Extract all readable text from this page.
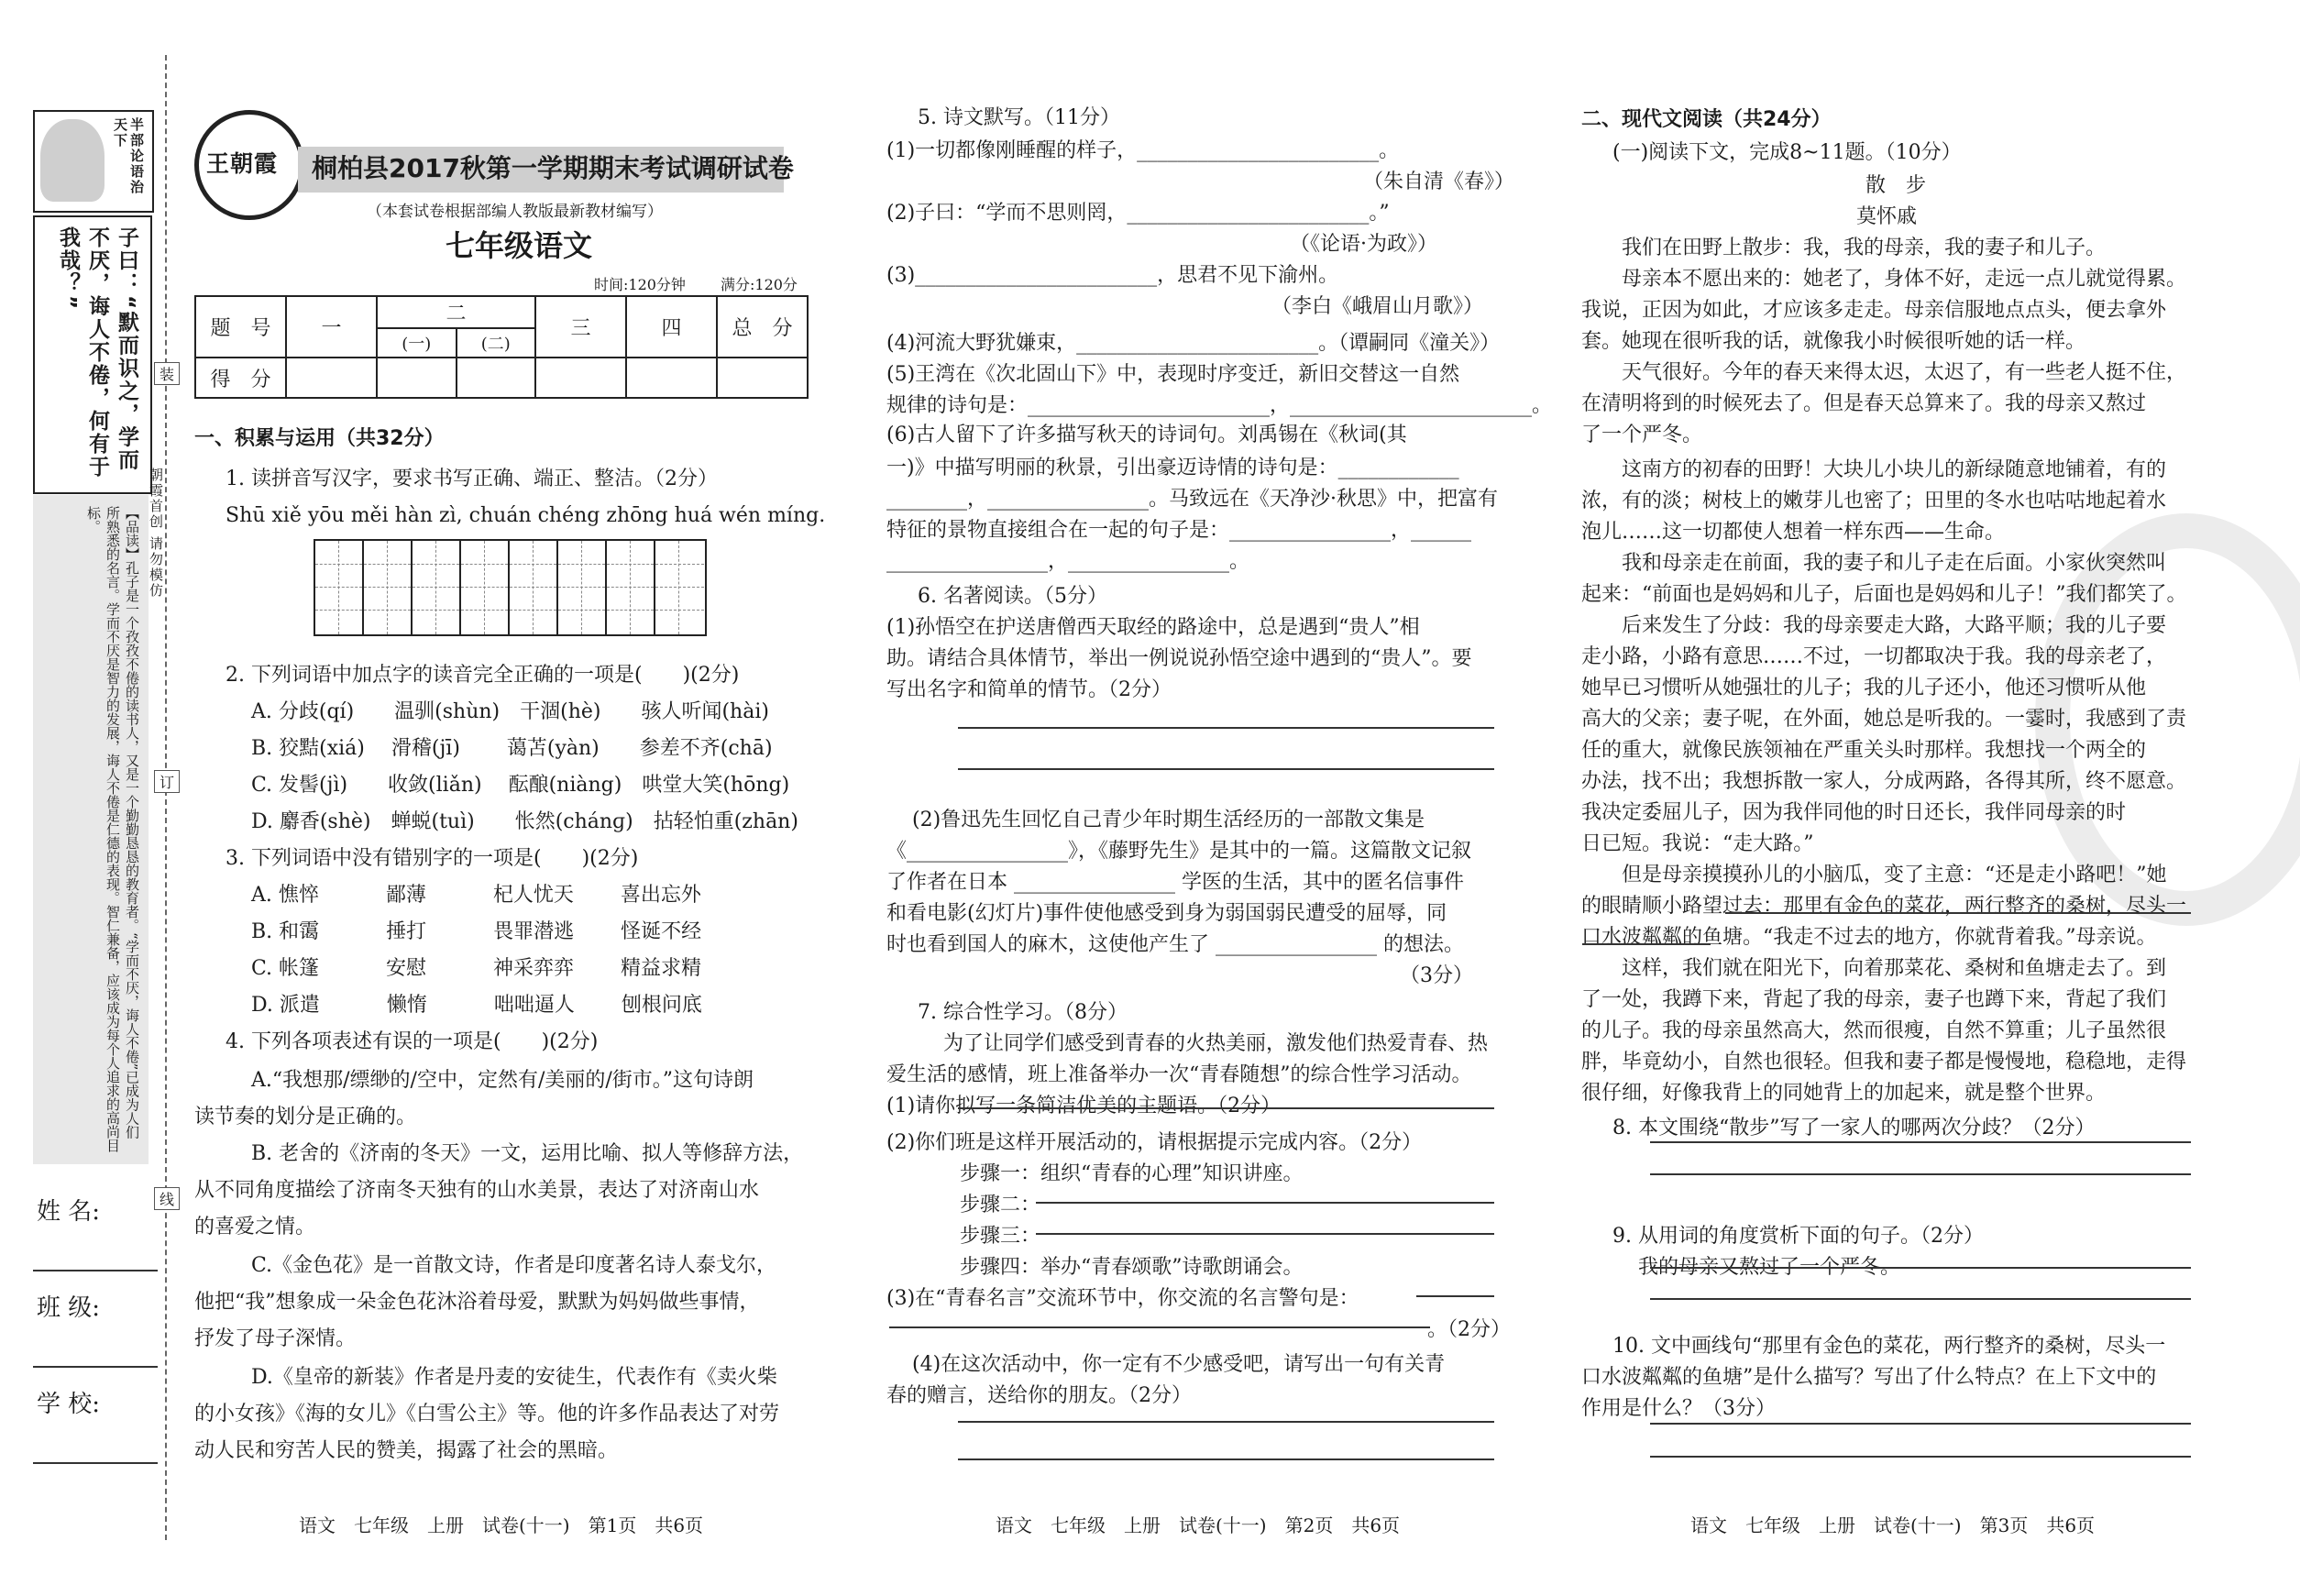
半部论语治天下
子曰：“默而识之，学而不厌，诲人不倦，何有于我哉？”
【品读】孔子是一个孜孜不倦的读书人，又是一个勤勤恳恳的教育者。“学而不厌，诲人不倦”已成为人们所熟悉的名言。学而不厌是智力的发展，诲人不倦是仁德的表现。智仁兼备，应该成为每个人追求的高尚目标。
姓 名:
班 级:
学 校:
装
订
线
朝霞首创 请勿模仿
王朝霞 桐柏县2017秋第一学期期末考试调研试卷
（本套试卷根据部编人教版最新教材编写）
七年级语文
时间:120分钟 满分:120分
题　号	一	二		三	四	总　分
		(一)	(二)			
得　分						
一、积累与运用（共32分）
1. 读拼音写汉字，要求书写正确、端正、整洁。（2分）
Shū xiě yōu měi hàn zì, chuán chéng zhōng huá wén míng.
2. 下列词语中加点字的读音完全正确的一项是(　　)(2分)
A. 分歧(qí)　　温驯(shùn)　干涸(hè)　　骇人听闻(hài)
B. 狡黠(xiá)　 滑稽(jī)　　 蔼苫(yàn)　　参差不齐(chā)
C. 发髻(jì)　　收敛(liǎn)　 酝酿(niàng)　哄堂大笑(hōng)
D. 麝香(shè)　蝉蜕(tuì)　　怅然(chánɡ)　拈轻怕重(zhān)
3. 下列词语中没有错别字的一项是(　　)(2分)
A. 憔悴　　　 鄙薄　　　 杞人忧天　　 喜出忘外
B. 和霭　　　 捶打　　　 畏罪潜逃　　 怪诞不经
C. 帐篷　　　 安慰　　　 神采弈弈　　 精益求精
D. 派遣　　　 懒惰　　　 咄咄逼人　　 刨根问底
4. 下列各项表述有误的一项是(　　)(2分)
A.“我想那/缥缈的/空中，定然有/美丽的/街市。”这句诗朗
读节奏的划分是正确的。
B. 老舍的《济南的冬天》一文，运用比喻、拟人等修辞方法，
从不同角度描绘了济南冬天独有的山水美景，表达了对济南山水
的喜爱之情。
C.《金色花》是一首散文诗，作者是印度著名诗人泰戈尔，
他把“我”想象成一朵金色花沐浴着母爱，默默为妈妈做些事情，
抒发了母子深情。
D.《皇帝的新装》作者是丹麦的安徒生，代表作有《卖火柴
的小女孩》《海的女儿》《白雪公主》等。他的许多作品表达了对劳
动人民和穷苦人民的赞美，揭露了社会的黑暗。
5. 诗文默写。（11分）
(1)一切都像刚睡醒的样子，________________________。
（朱自清《春》）
(2)子曰：“学而不思则罔，________________________。”
（《论语·为政》）
(3)________________________，思君不见下渝州。
（李白《峨眉山月歌》）
(4)河流大野犹嫌束，________________________。（谭嗣同《潼关》）
(5)王湾在《次北固山下》中，表现时序变迁，新旧交替这一自然
规律的诗句是：________________________，________________________。
(6)古人留下了许多描写秋天的诗词句。刘禹锡在《秋词(其
一)》中描写明丽的秋景，引出豪迈诗情的诗句是：____________
________，________________。马致远在《天净沙·秋思》中，把富有
特征的景物直接组合在一起的句子是：________________，______
________________，________________。
6. 名著阅读。（5分）
(1)孙悟空在护送唐僧西天取经的路途中，总是遇到“贵人”相
助。请结合具体情节，举出一例说说孙悟空途中遇到的“贵人”。要
写出名字和简单的情节。（2分）
(2)鲁迅先生回忆自己青少年时期生活经历的一部散文集是
《________________》，《藤野先生》是其中的一篇。这篇散文记叙
了作者在日本 ________________ 学医的生活，其中的匿名信事件
和看电影(幻灯片)事件使他感受到身为弱国弱民遭受的屈辱，同
时也看到国人的麻木，这使他产生了 ________________ 的想法。
（3分）
7. 综合性学习。（8分）
为了让同学们感受到青春的火热美丽，激发他们热爱青春、热
爱生活的感情，班上准备举办一次“青春随想”的综合性学习活动。
(1)请你拟写一条简洁优美的主题语。（2分）
(2)你们班是这样开展活动的，请根据提示完成内容。（2分）
步骤一：组织“青春的心理”知识讲座。
步骤二：
步骤三：
步骤四：举办“青春颂歌”诗歌朗诵会。
(3)在“青春名言”交流环节中，你交流的名言警句是：
。（2分）
(4)在这次活动中，你一定有不少感受吧，请写出一句有关青
春的赠言，送给你的朋友。（2分）
二、现代文阅读（共24分）
(一)阅读下文，完成8~11题。（10分）
散　步
莫怀戚
我们在田野上散步：我，我的母亲，我的妻子和儿子。
母亲本不愿出来的：她老了，身体不好，走远一点儿就觉得累。
我说，正因为如此，才应该多走走。母亲信服地点点头，便去拿外
套。她现在很听我的话，就像我小时候很听她的话一样。
天气很好。今年的春天来得太迟，太迟了，有一些老人挺不住，
在清明将到的时候死去了。但是春天总算来了。我的母亲又熬过
了一个严冬。
这南方的初春的田野！大块儿小块儿的新绿随意地铺着，有的
浓，有的淡；树枝上的嫩芽儿也密了；田里的冬水也咕咕地起着水
泡儿……这一切都使人想着一样东西——生命。
我和母亲走在前面，我的妻子和儿子走在后面。小家伙突然叫
起来：“前面也是妈妈和儿子，后面也是妈妈和儿子！”我们都笑了。
后来发生了分歧：我的母亲要走大路，大路平顺；我的儿子要
走小路，小路有意思……不过，一切都取决于我。我的母亲老了，
她早已习惯听从她强壮的儿子；我的儿子还小，他还习惯听从他
高大的父亲；妻子呢，在外面，她总是听我的。一霎时，我感到了责
任的重大，就像民族领袖在严重关头时那样。我想找一个两全的
办法，找不出；我想拆散一家人，分成两路，各得其所，终不愿意。
我决定委屈儿子，因为我伴同他的时日还长，我伴同母亲的时
日已短。我说：“走大路。”
但是母亲摸摸孙儿的小脑瓜，变了主意：“还是走小路吧！”她
的眼睛顺小路望过去：那里有金色的菜花，两行整齐的桑树，尽头一
口水波粼粼的鱼塘。“我走不过去的地方，你就背着我。”母亲说。
这样，我们就在阳光下，向着那菜花、桑树和鱼塘走去了。到
了一处，我蹲下来，背起了我的母亲，妻子也蹲下来，背起了我们
的儿子。我的母亲虽然高大，然而很瘦，自然不算重；儿子虽然很
胖，毕竟幼小，自然也很轻。但我和妻子都是慢慢地，稳稳地，走得
很仔细，好像我背上的同她背上的加起来，就是整个世界。
8. 本文围绕“散步”写了一家人的哪两次分歧？（2分）
9. 从用词的角度赏析下面的句子。（2分）
我的母亲又熬过了一个严冬。
10. 文中画线句“那里有金色的菜花，两行整齐的桑树，尽头一
口水波粼粼的鱼塘”是什么描写？写出了什么特点？在上下文中的
作用是什么？（3分）
语文　七年级　上册　试卷(十一)　第1页　共6页	语文　七年级　上册　试卷(十一)　第2页　共6页	语文　七年级　上册　试卷(十一)　第3页　共6页
